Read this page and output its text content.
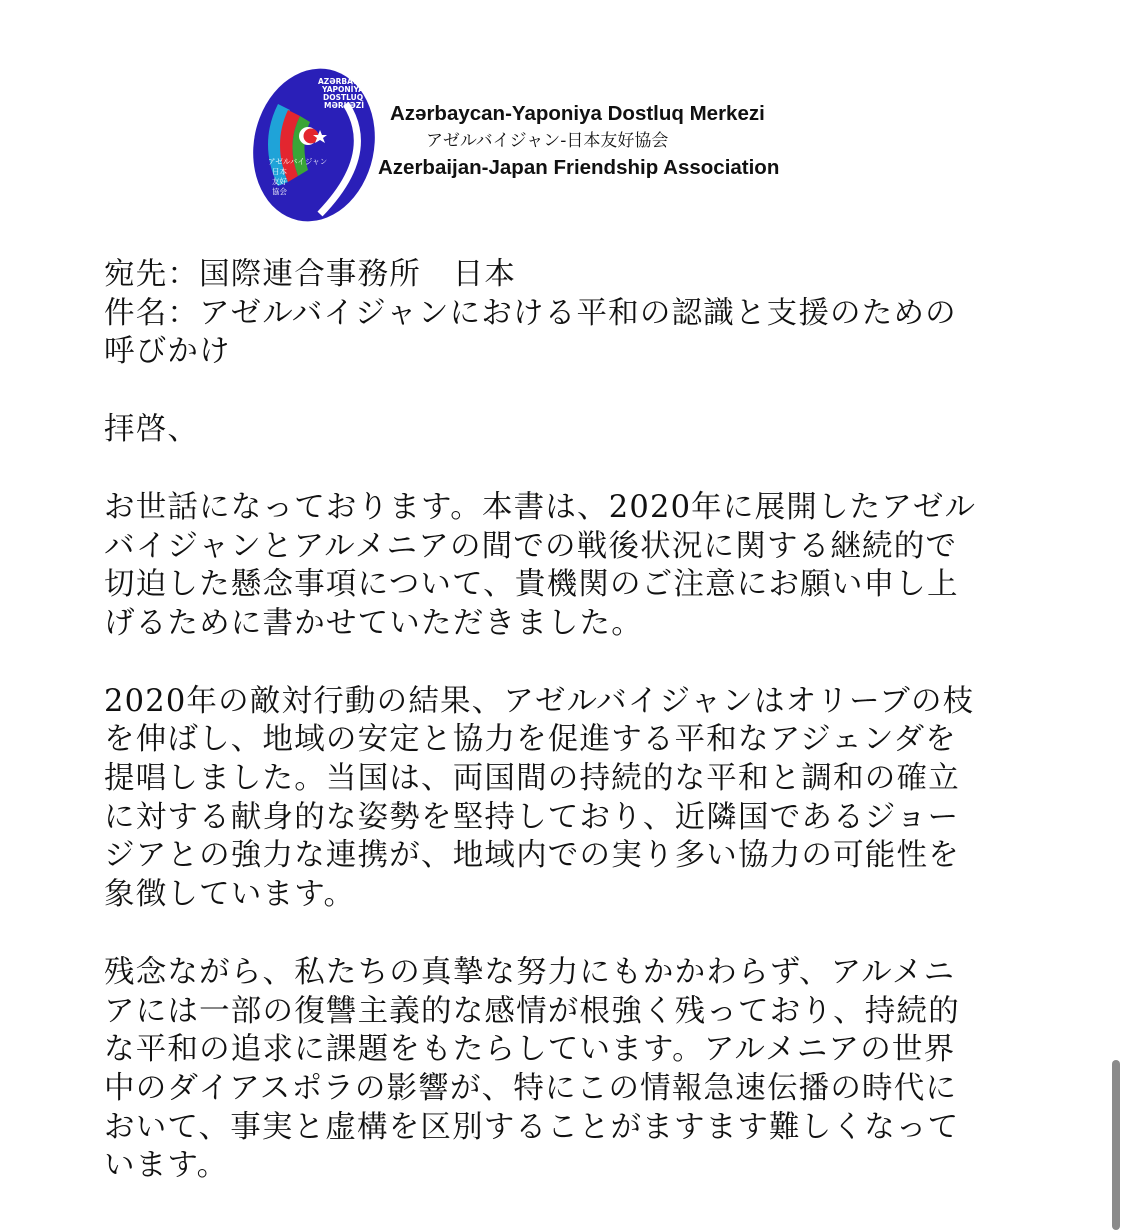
AZƏRBAYCAN
YAPONİYA
DOSTLUQ
MƏRKƏZİ
アゼルバイジャン
日本
友好
協会
Azərbaycan-Yaponiya Dostluq Merkezi
アゼルバイジャン-日本友好協会
Azerbaijan-Japan Friendship Association

宛先：国際連合事務所　日本
件名：アゼルバイジャンにおける平和の認識と支援のための
呼びかけ

拝啓、

お世話になっております。本書は、2020年に展開したアゼル
バイジャンとアルメニアの間での戦後状況に関する継続的で
切迫した懸念事項について、貴機関のご注意にお願い申し上
げるために書かせていただきました。

2020年の敵対行動の結果、アゼルバイジャンはオリーブの枝
を伸ばし、地域の安定と協力を促進する平和なアジェンダを
提唱しました。当国は、両国間の持続的な平和と調和の確立
に対する献身的な姿勢を堅持しており、近隣国であるジョー
ジアとの強力な連携が、地域内での実り多い協力の可能性を
象徴しています。

残念ながら、私たちの真摯な努力にもかかわらず、アルメニ
アには一部の復讐主義的な感情が根強く残っており、持続的
な平和の追求に課題をもたらしています。アルメニアの世界
中のダイアスポラの影響が、特にこの情報急速伝播の時代に
おいて、事実と虚構を区別することがますます難しくなって
います。
